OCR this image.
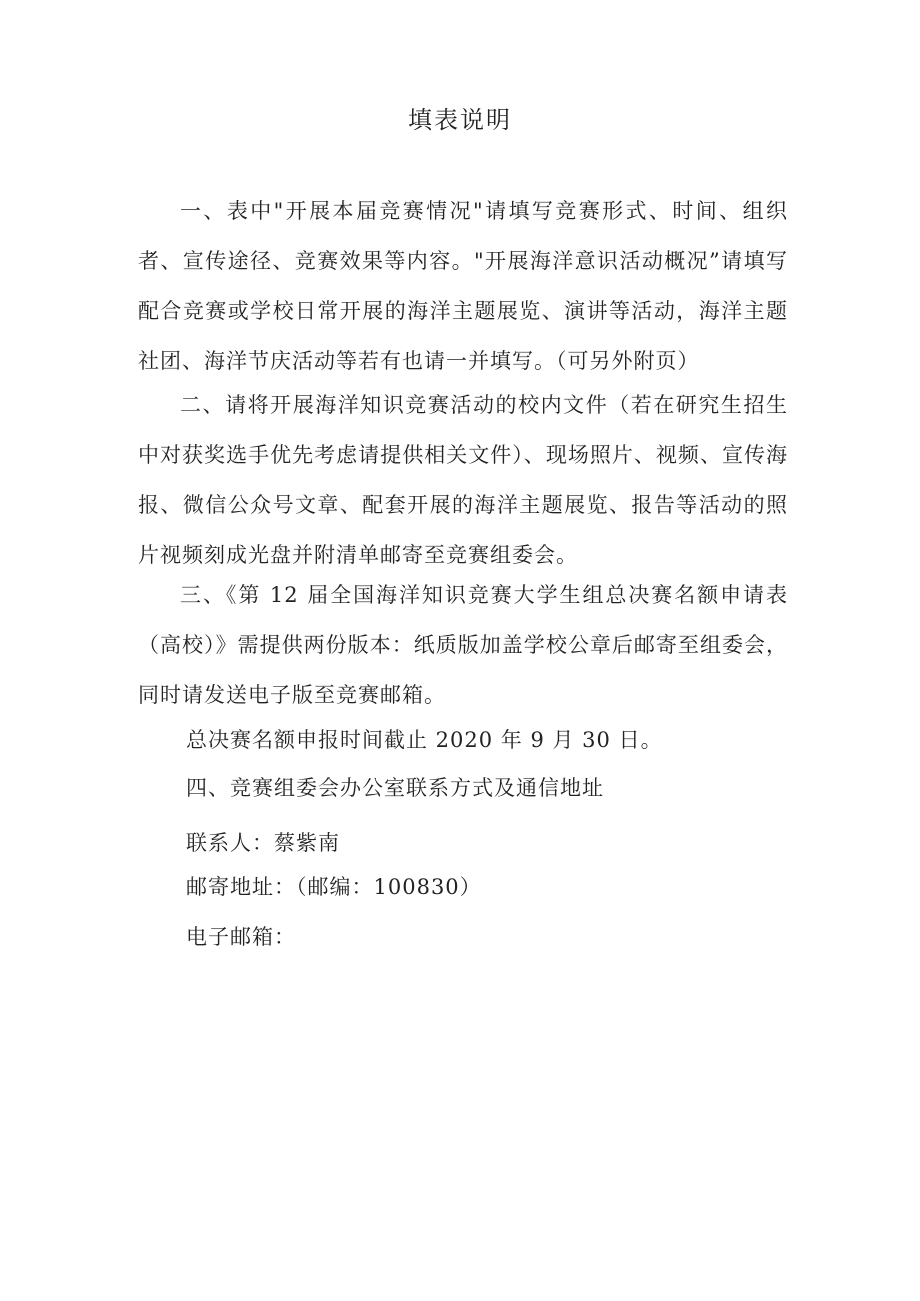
填表说明

一、表中"开展本届竞赛情况"请填写竞赛形式、时间、组织者、宣传途径、竞赛效果等内容。"开展海洋意识活动概况”请填写配合竞赛或学校日常开展的海洋主题展览、演讲等活动，海洋主题社团、海洋节庆活动等若有也请一并填写。（可另外附页）

二、请将开展海洋知识竞赛活动的校内文件（若在研究生招生中对获奖选手优先考虑请提供相关文件）、现场照片、视频、宣传海报、微信公众号文章、配套开展的海洋主题展览、报告等活动的照片视频刻成光盘并附清单邮寄至竞赛组委会。

三、《第 12 届全国海洋知识竞赛大学生组总决赛名额申请表（高校）》需提供两份版本：纸质版加盖学校公章后邮寄至组委会，同时请发送电子版至竞赛邮箱。

总决赛名额申报时间截止 2020 年 9 月 30 日。

四、竞赛组委会办公室联系方式及通信地址

联系人：蔡紫南

邮寄地址：（邮编：100830）

电子邮箱：
